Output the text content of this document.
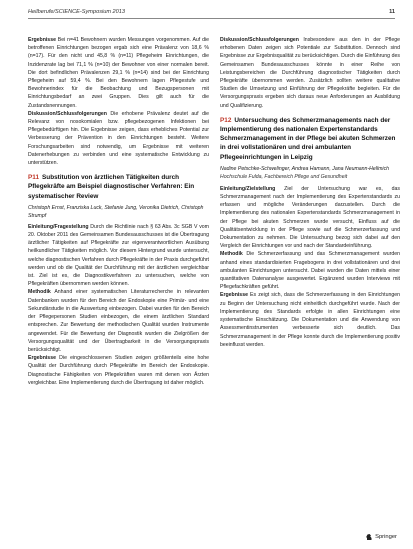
Heilberufe/SCIENCE-Symposium 2013	11

Ergebnisse Bei n=41 Bewohnern wurden Messungen vorgenommen. Auf die betroffenen Einrichtungen bezogen ergab sich eine Prävalenz von 18,6 % (n=17). Für den nicht und 45,8 % (n=11) Pflegeheim Einrichtungen, die Inzidenzrate lag bei 71,1 % (n=10) der Bewohner von einer normalen bereit. Die dort befindlichen Prävalenzen 29,1 % (n=14) sind bei der Einrichtung Pflegeheim auf 59,4 %. Bei den Bewohnern lagen Pflegestufe und Bewohnerindex für die Beobachtung und Bezugspersonen mit Einrichtungsbedarf an zwei Gruppen. Dies gilt auch für die Zustandsnennungen.

Diskussion/Schlussfolgerungen Die erhobene Prävalenz deutet auf die Relevanz von nosokomialen bzw. pflegebezogenen Infektionen bei Pflegebedürftigen hin. Die Ergebnisse zeigen, dass erhebliches Potential zur Verbesserung der Prävention in den Einrichtungen besteht. Weitere Forschungsarbeiten sind notwendig, um Ergebnisse mit weiteren Datenerhebungen zu verbinden und eine systematische Entwicklung zu unterstützen.

P11 Substitution von ärztlichen Tätigkeiten durch Pflegekräfte am Beispiel diagnostischer Verfahren: Ein systematischer Review
Christoph Ernst, Franziska Luck, Stefanie Jung, Veronika Dietrich, Christoph Strumpf

Einleitung/Fragestellung Durch die Richtlinie nach § 63 Abs. 3c SGB V vom 20. Oktober 2011 des Gemeinsamen Bundesausschusses ist die Übertragung ärztlicher Tätigkeiten auf Pflegekräfte zur eigenverantwortlichen Ausübung heilkundlicher Tätigkeiten möglich. Vor diesem Hintergrund wurde untersucht, welche diagnostischen Verfahren durch Pflegekräfte in der Praxis durchgeführt werden und ob die Qualität der Durchführung mit der ärztlichen vergleichbar ist. Ziel ist es, die Diagnostikverfahren zu untersuchen, welche von Pflegekräften übernommen werden können.

Methodik Anhand einer systematischen Literaturrecherche in relevanten Datenbanken wurden für den Bereich der Endoskopie eine Primär- und eine Sekundärstudie in die Auswertung einbezogen. Dabei wurden für den Bereich der Pflegepersonen Studien einbezogen, die einem ärztlichen Standard entsprechen. Zur Bewertung der methodischen Qualität wurden Instrumente angewendet. Für die Bewertung der Diagnostik wurden die Zielgrößen der Versorgungsqualität und der Übertragbarkeit in die Versorgungspraxis berücksichtigt.

Ergebnisse Die eingeschlossenen Studien zeigen größtenteils eine hohe Qualität der Durchführung durch Pflegekräfte im Bereich der Endoskopie. Diagnostische Fähigkeiten von Pflegekräften waren mit denen von Ärzten vergleichbar. Eine Implementierung durch die Übertragung ist daher möglich.

Diskussion/Schlussfolgerungen Insbesondere aus den in der Pflege erhobenen Daten zeigen sich Potentiale zur Substitution. Dennoch sind Ergebnisse zur Ergebnisqualität zu berücksichtigen. Durch die Einführung des Gemeinsamen Bundesausschusses könnte in einer Reihe von Leistungsbereichen die Durchführung diagnostischer Tätigkeiten durch Pflegekräfte übernommen werden. Zusätzlich sollten weitere qualitative Studien die Umsetzung und Einführung der Pflegekräfte begleiten. Für die Versorgungspraxis ergeben sich daraus neue Anforderungen an Ausbildung und Qualifizierung.

P12 Untersuchung des Schmerzmanagements nach der Implementierung des nationalen Expertenstandards Schmerzmanagement in der Pflege bei akuten Schmerzen in drei vollstationären und drei ambulanten Pflegeeinrichtungen in Leipzig
Nadine Petschke-Schwelinger, Andrea Hamann, Jana Neumann-Hellmich
Hochschule Fulda, Fachbereich Pflege und Gesundheit

Einleitung/Zielstellung Ziel der Untersuchung war es, das Schmerzmanagement nach der Implementierung des Expertenstandards zu erfassen und mögliche Veränderungen darzustellen. Durch die Implementierung des nationalen Expertenstandards Schmerzmanagement in der Pflege bei akuten Schmerzen wurde versucht, Einfluss auf die Qualitätsentwicklung in der Pflege sowie auf die Schmerzerfassung und Dokumentation zu nehmen. Die Untersuchung bezog sich dabei auf den Vergleich der Einrichtungen vor und nach der Standardeinführung.

Methodik Die Schmerzerfassung und das Schmerzmanagement wurden anhand eines standardisierten Fragebogens in drei vollstationären und drei ambulanten Einrichtungen untersucht. Dabei wurden die Daten mittels einer quantitativen Datenanalyse ausgewertet. Ergänzend wurden Interviews mit Pflegefachkräften geführt.

Ergebnisse Es zeigt sich, dass die Schmerzerfassung in den Einrichtungen zu Beginn der Untersuchung nicht einheitlich durchgeführt wurde. Nach der Implementierung des Standards erfolgte in allen Einrichtungen eine systematische Einschätzung. Die Dokumentation und die Anwendung von Assessmentinstrumenten verbesserte sich deutlich. Das Schmerzmanagement in der Pflege konnte durch die Implementierung positiv beeinflusst werden.

Springer
